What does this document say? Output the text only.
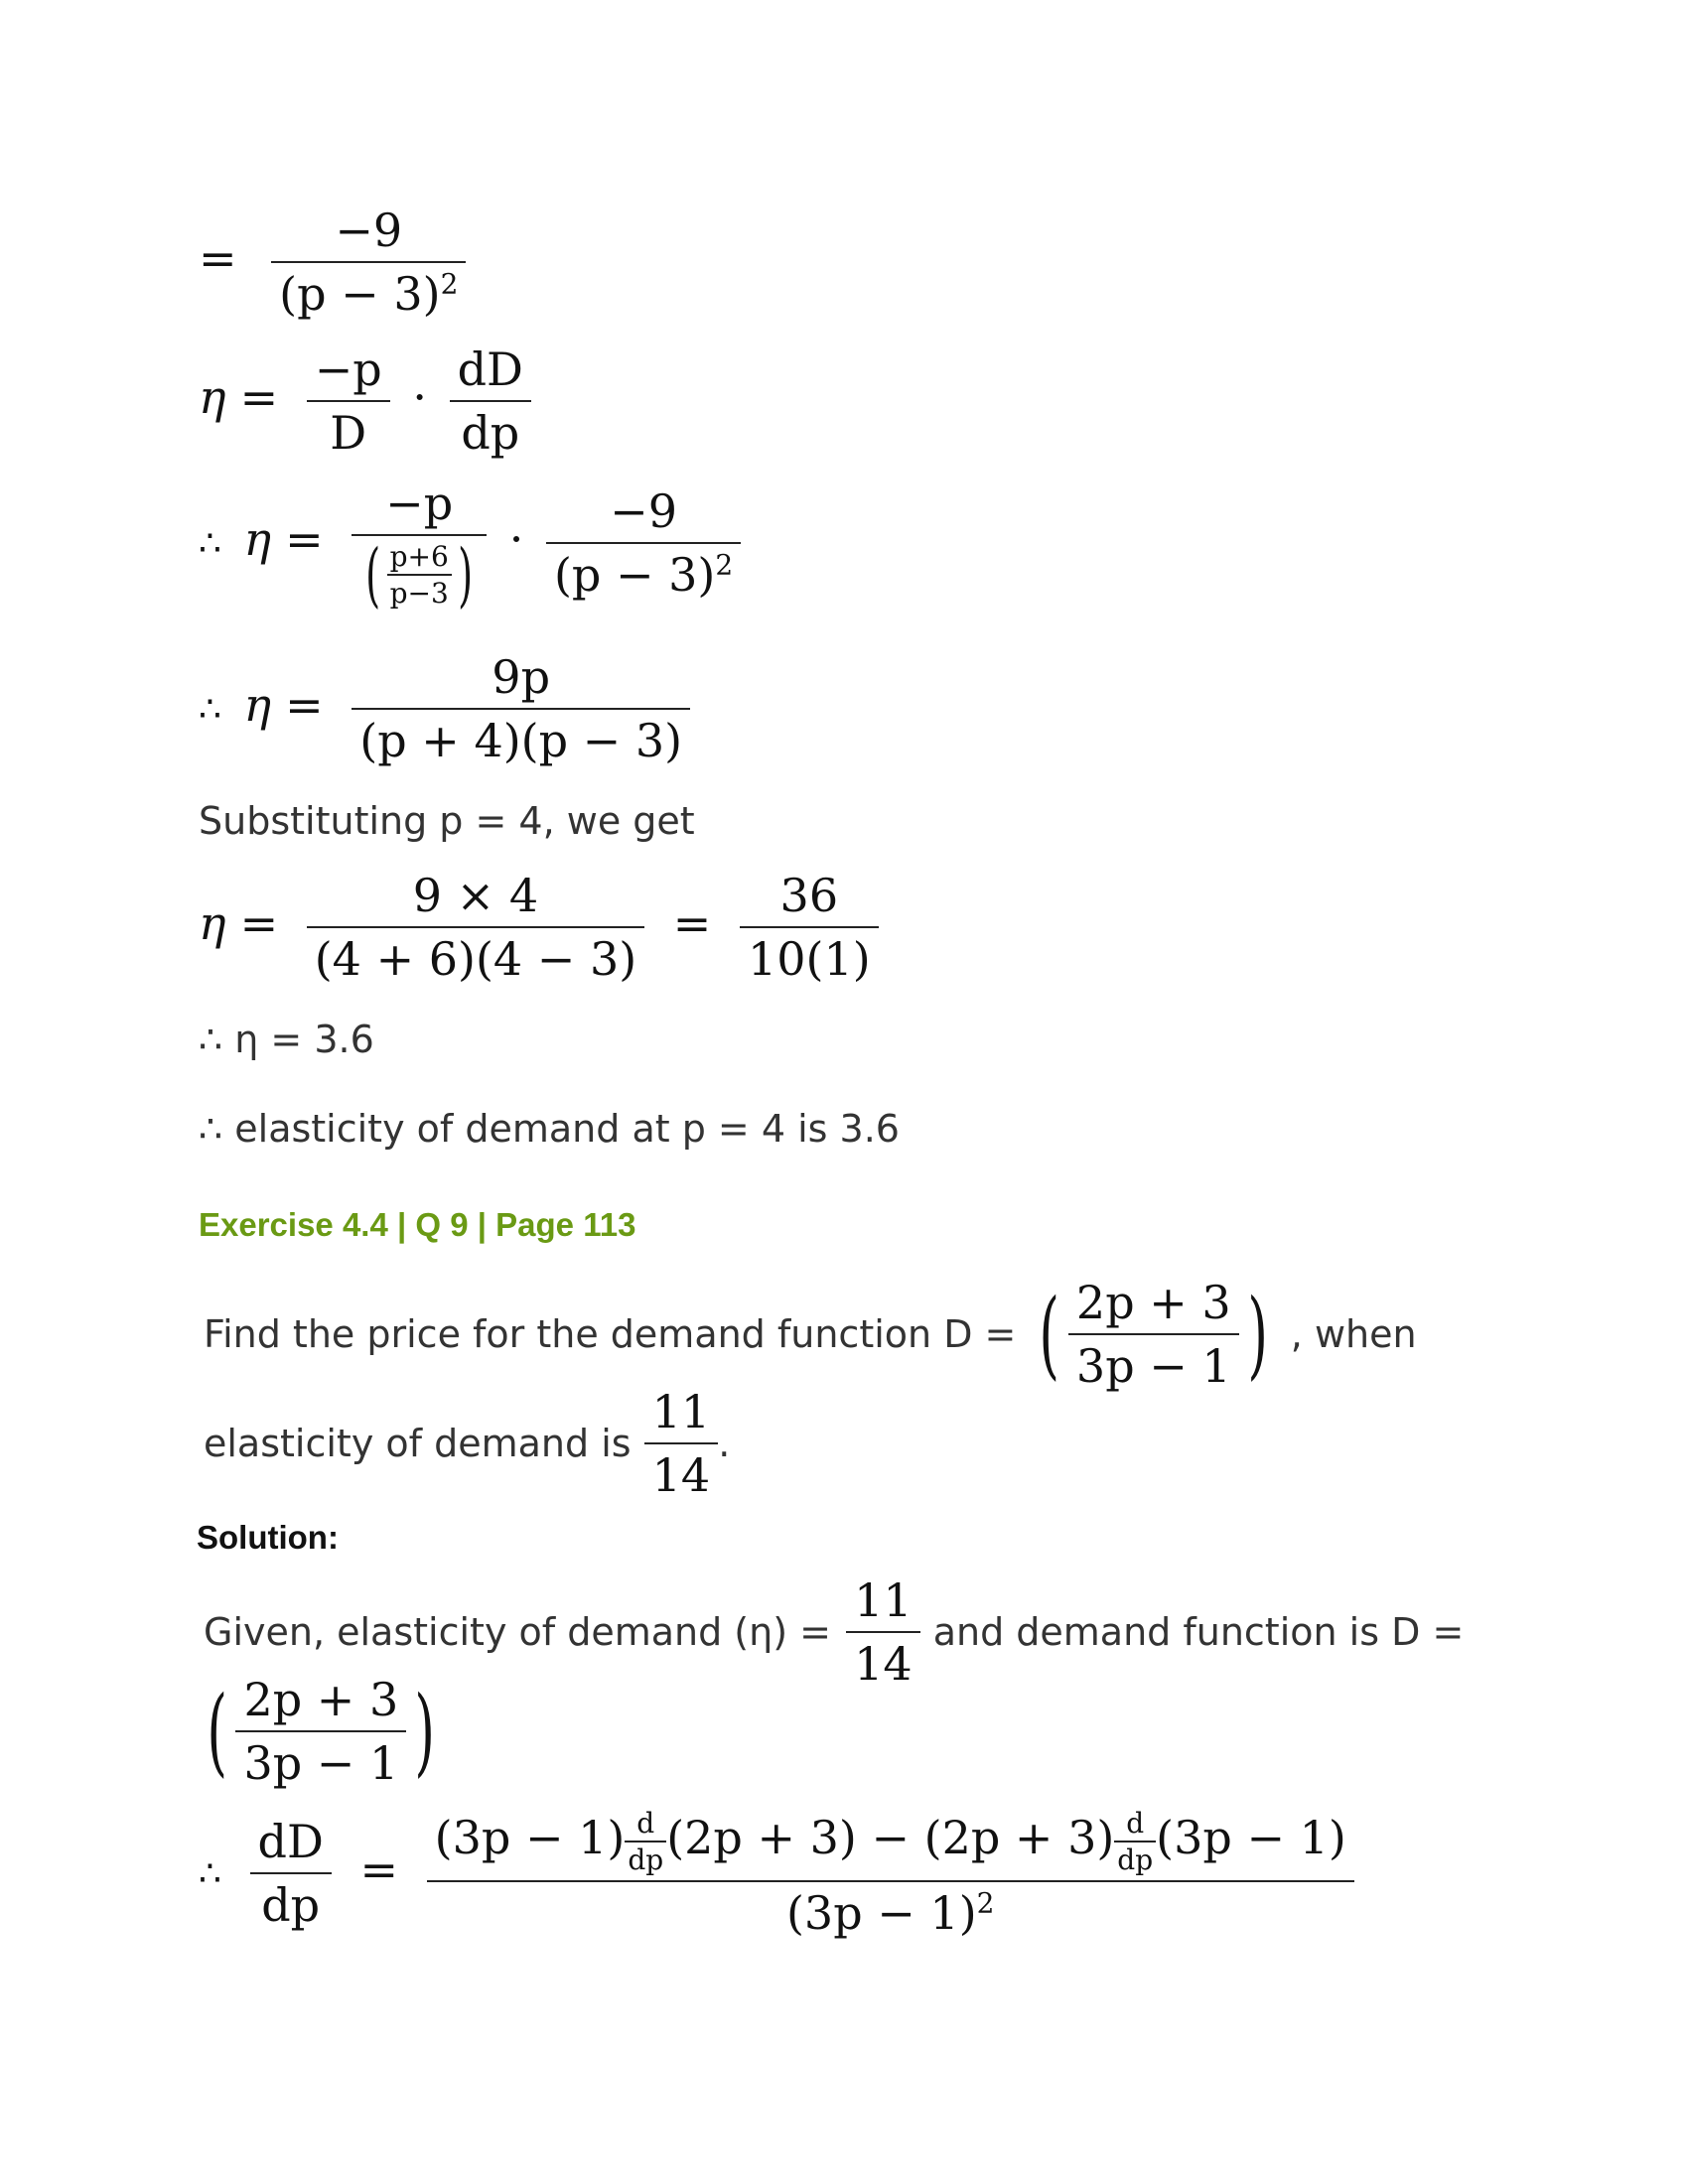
= $\frac{-9}{(p - 3)^2}$
$\eta = \frac{-p}{D} \cdot \frac{dD}{dp}$
∴ $\eta = \frac{-p}{( \frac{p+6}{p-3} )} \cdot \frac{-9}{(p - 3)^2}$
∴ $\eta = \frac{9p}{(p + 4)(p - 3)}$
Substituting p = 4, we get
$\eta = \frac{9 \times 4}{(4 + 6)(4 - 3)} = \frac{36}{10(1)}$
∴ η = 3.6
∴ elasticity of demand at p = 4 is 3.6
Exercise 4.4 | Q 9 | Page 113
Find the price for the demand function D = ( $\frac{2p + 3}{3p - 1}$ ) , when
elasticity of demand is $\frac{11}{14}$ .
Solution:
Given, elasticity of demand $(\eta) = \frac{11}{14}$ and demand function is D =
( $\frac{2p + 3}{3p - 1}$ )
∴ $\frac{dD}{dp} = \frac{(3p - 1) \frac{d}{dp} (2p + 3) - (2p + 3) \frac{d}{dp} (3p - 1)}{(3p - 1)^2}$
